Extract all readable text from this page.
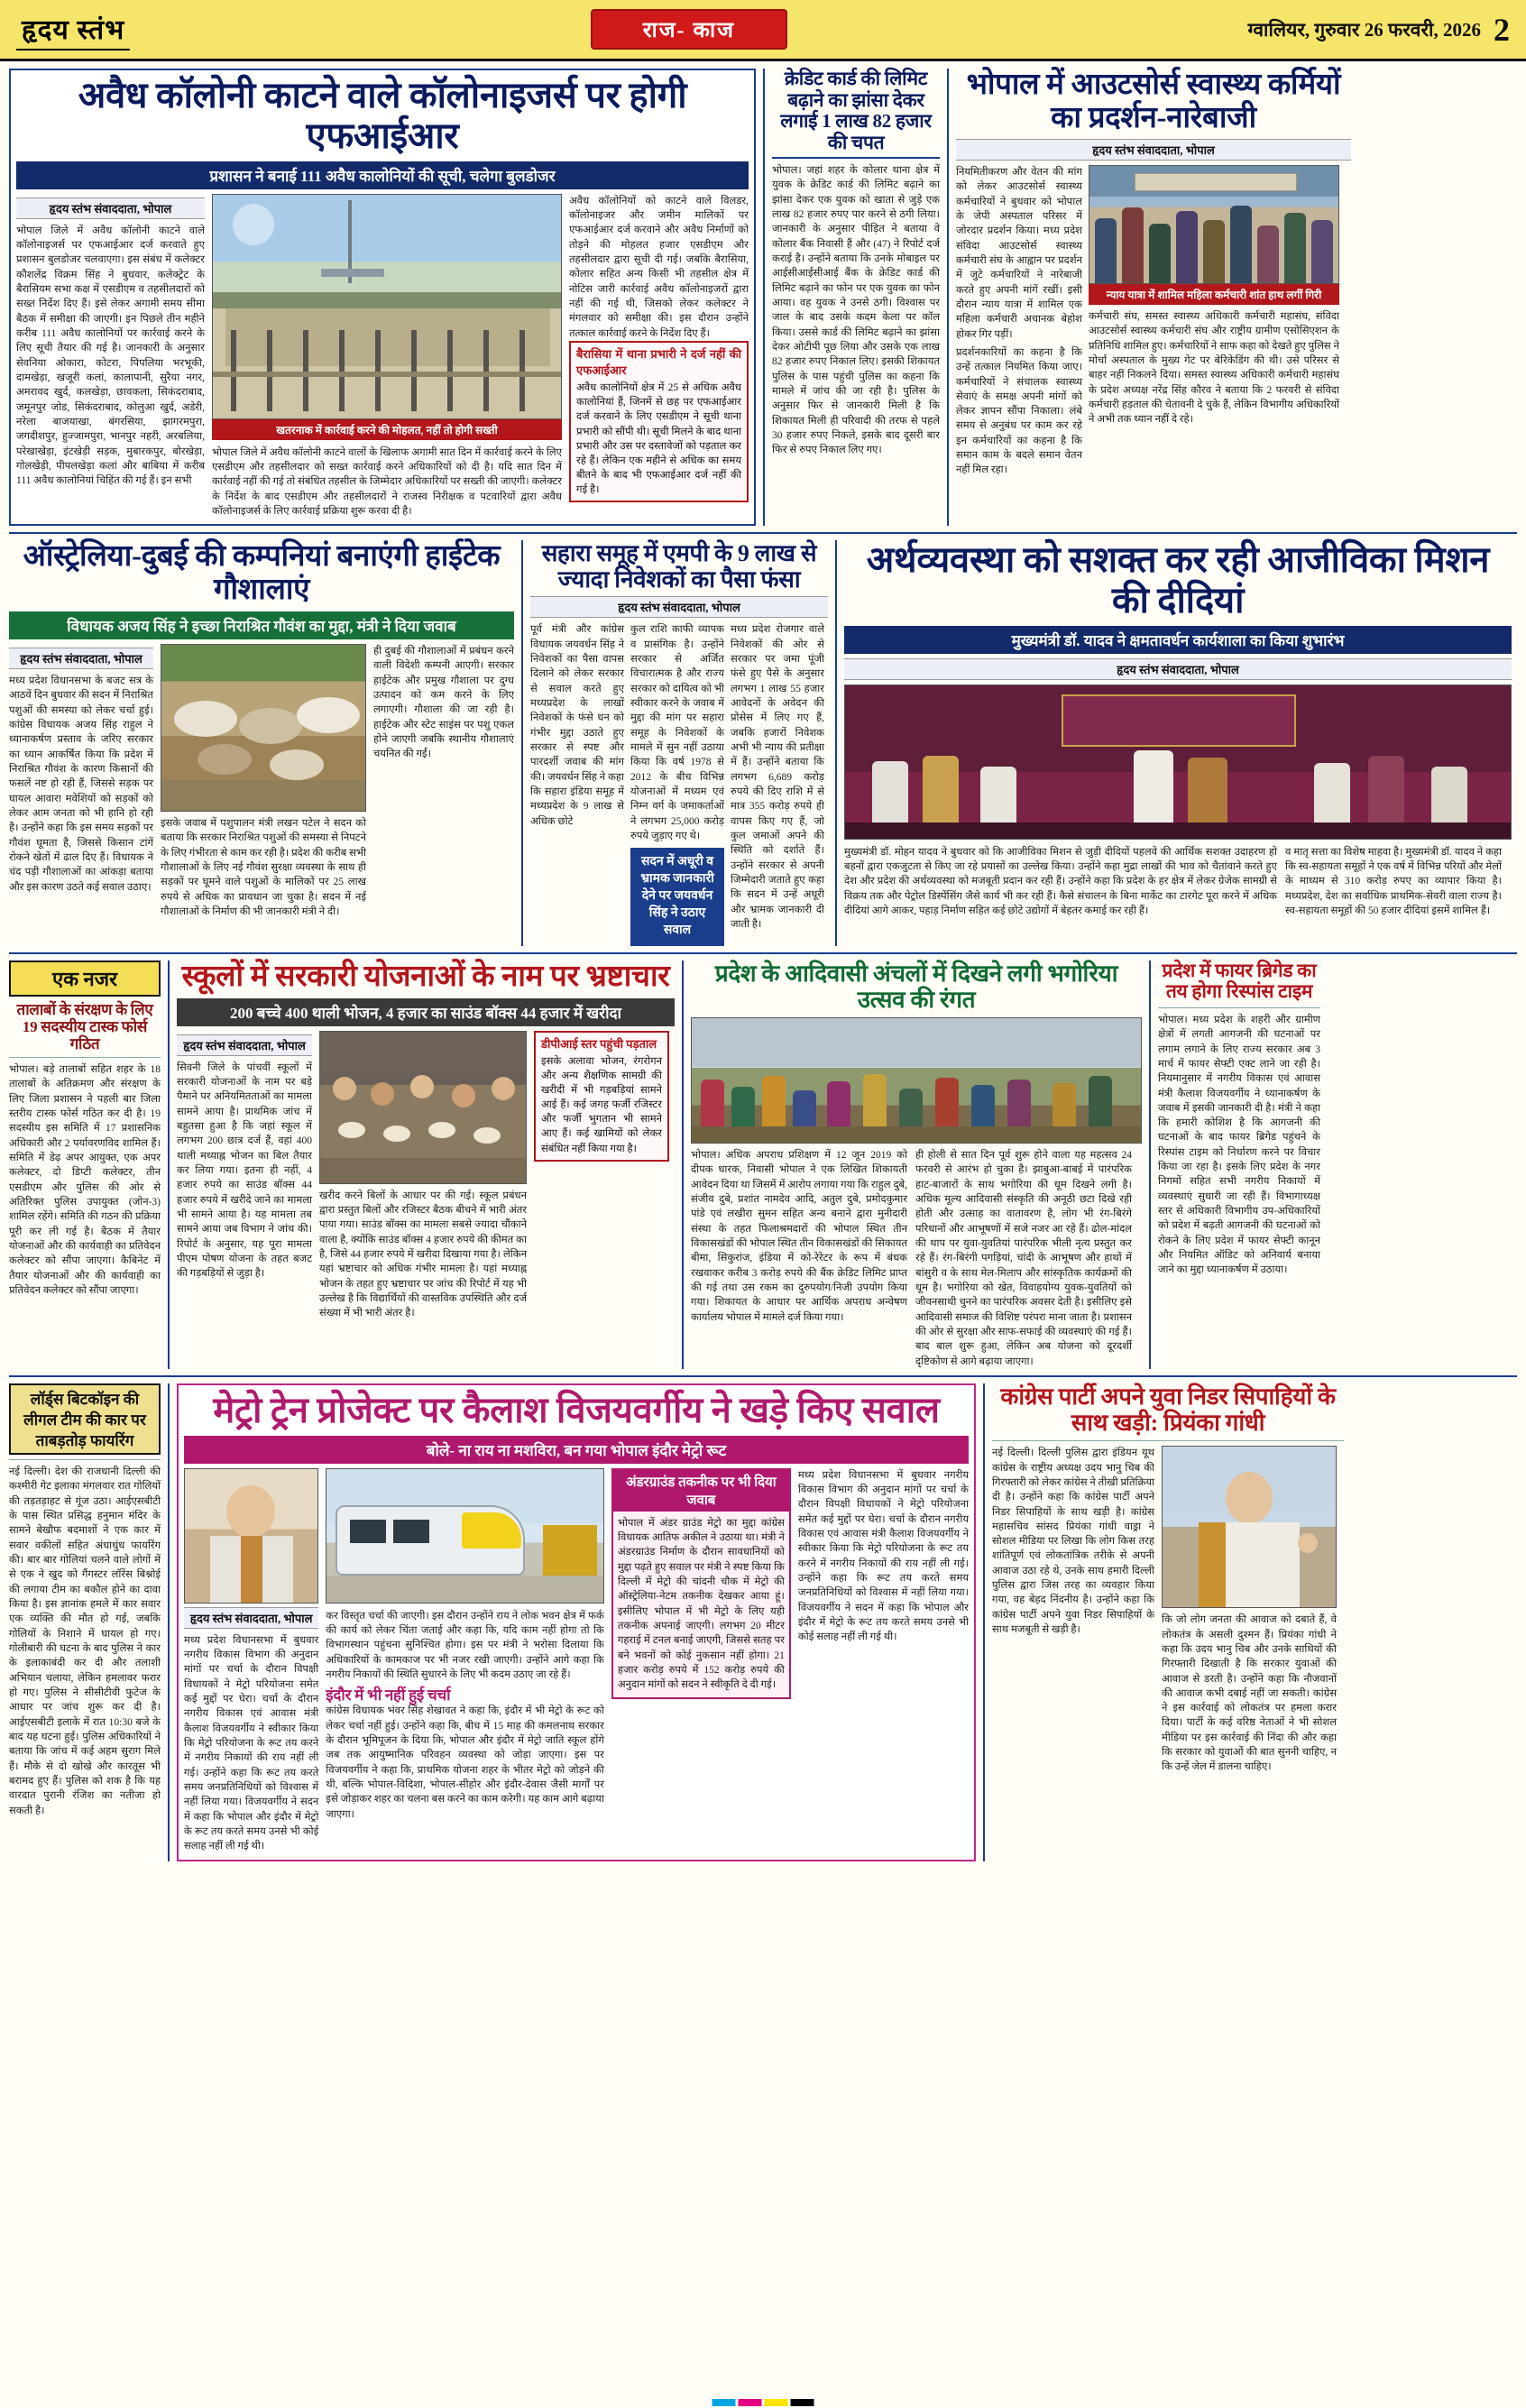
हृदय स्तंभ	राज- काज	ग्वालियर, गुरुवार 26 फरवरी, 2026 2
अवैध कॉलोनी काटने वाले कॉलोनाइजर्स पर होगी एफआईआर
प्रशासन ने बनाई 111 अवैध कालोनियों की सूची, चलेगा बुलडोजर
हृदय स्तंभ संवाददाता, भोपाल
भोपाल जिले में अवैध कॉलोनी काटने वाले कॉलोनाइजर्स पर एफआईआर दर्ज करवाते हुए प्रशासन बुलडोजर चलवाएगा। इस संबंध में कलेक्टर कौशलेंद्र विक्रम सिंह ने बुधवार, कलेक्ट्रेट के बैरासियम सभा कक्ष में एसडीएम व तहसीलदारों को सख्त निर्देश दिए हैं। इसे लेकर अगामी समय सीमा बैठक में समीक्षा की जाएगी। इन पिछले तीन महीने करीब 111 अवैध कालोनियों पर कार्रवाई करने के लिए सूची तैयार की गई है। जानकारी के अनुसार सेवनिया ओकारा, कोटरा, पिपलिया भरभूकी, दामखेड़ा, खजूरी कलां, कालापानी, सुरैया नगर, अमरावद खुर्द, कलखेड़ा, छावकला, सिकंदराबाद, जमूनपुर जोड, सिकंदराबाद, कोलुआ खुर्द, अडेरी, नरेला बाजयाखा, बंगरसिया, झागरमपुरा, जगदीशपुर, हुज्जामपुरा, भानपुर नहरी, अरबलिया, परेखाखेड़ा, इंटखेड़ी सड़क, मुबारकपुर, बोरखेड़ा, गोलखेड़ी, पीपलखेड़ा कलां और बाबिया में करीब 111 अवैध कालोनियां चिहिंत की गई हैं। इन सभी
खतरनाक में कार्रवाई करने की मोहलत, नहीं तो होगी सख्ती
भोपाल जिले में अवैध कॉलोनी काटने वालों के खिलाफ अगामी सात दिन में कार्रवाई करने के लिए एसडीएम और तहसीलदार को सख्त कार्रवाई करने अधिकारियों को दी है। यदि सात दिन में कार्रवाई नहीं की गई तो संबंधित तहसील के जिम्मेदार अधिकारियों पर सख्ती की जाएगी। कलेक्टर के निर्देश के बाद एसडीएम और तहसीलदारों ने राजस्व निरीक्षक व पटवारियों द्वारा अवैध कॉलोनाइजर्स के लिए कार्रवाई प्रक्रिया शुरू करवा दी है।
अवैध कॉलोनियों को काटने वाले विलडर, कॉलोनाइजर और जमीन मालिकों पर एफआईआर दर्ज करवाने और अवैध निर्माणों को तोड़ने की मोहलत हजार एसडीएम और तहसीलदार द्वारा सूची दी गई। जबकि बैरासिया, कोलार सहित अन्य किसी भी तहसील क्षेत्र में नोटिस जारी कार्रवाई अवैध कॉलोनाइजरों द्वारा नहीं की गई थी, जिसको लेकर कलेक्टर ने मंगलवार को समीक्षा की। इस दौरान उन्होंने तत्काल कार्रवाई करने के निर्देश दिए हैं।
बैरासिया में थाना प्रभारी ने दर्ज नहीं की एफआईआर
अवैध कालोनियों क्षेत्र में 25 से अधिक अवैध कालोनियां हैं, जिनमें से छह पर एफआईआर दर्ज करवाने के लिए एसडीएम ने सूची थाना प्रभारी को सौंपी थी। सूची मिलने के बाद थाना प्रभारी और उस पर दस्तावेजों को पड़ताल कर रहे हैं। लेकिन एक महीने से अधिक का समय बीतने के बाद भी एफआईआर दर्ज नहीं की गई है।
क्रेडिट कार्ड की लिमिट बढ़ाने का झांसा देकर लगाई 1 लाख 82 हजार की चपत
भोपाल। जहां शहर के कोलार थाना क्षेत्र में युवक के क्रेडिट कार्ड की लिमिट बढ़ाने का झांसा देकर एक युवक को खाता से जुड़े एक लाख 82 हजार रुपए पार करने से ठगी लिया। जानकारी के अनुसार पीड़ित ने बताया वे कोलार बैंक निवासी हैं और (47) ने रिपोर्ट दर्ज कराई है। उन्होंने बताया कि उनके मोबाइल पर आईसीआईसीआई बैंक के क्रेडिट कार्ड की लिमिट बढ़ाने का फोन पर एक युवक का फोन आया। वह युवक ने उनसे ठगी। विश्वास पर जाल के बाद उसके कदम केला पर कॉल किया। उससे कार्ड की लिमिट बढ़ाने का झांसा देकर ओटीपी पूछ लिया और उसके एक लाख 82 हजार रुपए निकाल लिए। इसकी शिकायत पुलिस के पास पहुंची पुलिस का कहना कि मामले में जांच की जा रही है। पुलिस के अनुसार फिर से जानकारी मिली है कि शिकायत मिली ही परिवादी की तरफ से पहले 30 हजार रुपए निकले, इसके बाद दूसरी बार फिर से रुपए निकाल लिए गए।
भोपाल में आउटसोर्स स्वास्थ्य कर्मियों का प्रदर्शन-नारेबाजी
हृदय स्तंभ संवाददाता, भोपाल
नियमितीकरण और वेतन की मांग को लेकर आउटसोर्स स्वास्थ्य कर्मचारियों ने बुधवार को भोपाल के जेपी अस्पताल परिसर में जोरदार प्रदर्शन किया। मध्य प्रदेश संविदा आउटसोर्स स्वास्थ्य कर्मचारी संघ के आह्वान पर प्रदर्शन में जुटे कर्मचारियों ने नारेबाजी करते हुए अपनी मांगें रखीं। इसी दौरान न्याय यात्रा में शामिल एक महिला कर्मचारी अचानक बेहोश होकर गिर पड़ीं।
प्रदर्शनकारियों का कहना है कि उन्हें तत्काल नियमित किया जाए। कर्मचारियों ने संचालक स्वास्थ्य सेवाएं के समक्ष अपनी मांगों को लेकर ज्ञापन सौंपा निकाला। लंबे समय से अनुबंध पर काम कर रहे इन कर्मचारियों का कहना है कि समान काम के बदले समान वेतन नहीं मिल रहा।
न्याय यात्रा में शामिल महिला कर्मचारी शांत हाथ लगीं गिरी
कर्मचारी संघ, समस्त स्वास्थ्य अधिकारी कर्मचारी महासंघ, संविदा आउटसोर्स स्वास्थ्य कर्मचारी संघ और राष्ट्रीय ग्रामीण एसोसिएशन के प्रतिनिधि शामिल हुए। कर्मचारियों ने साफ कहा को देखते हुए पुलिस ने मोर्चा अस्पताल के मुख्य गेट पर बेरिकेडिंग की थी। उसे परिसर से बाहर नहीं निकलने दिया। समस्त स्वास्थ्य अधिकारी कर्मचारी महासंघ के प्रदेश अध्यक्ष नरेंद्र सिंह कौरव ने बताया कि 2 फरवरी से संविदा कर्मचारी हड़ताल की चेतावनी दे चुके हैं, लेकिन विभागीय अधिकारियों ने अभी तक ध्यान नहीं दे रहे।
ऑस्ट्रेलिया-दुबई की कम्पनियां बनाएंगी हाईटेक गौशालाएं
विधायक अजय सिंह ने इच्छा निराश्रित गौवंश का मुद्दा, मंत्री ने दिया जवाब
हृदय स्तंभ संवाददाता, भोपाल
मध्य प्रदेश विधानसभा के बजट सत्र के आठवें दिन बुधवार की सदन में निराश्रित पशुओं की समस्या को लेकर चर्चा हुई। कांग्रेस विधायक अजय सिंह राहुल ने ध्यानाकर्षण प्रस्ताव के जरिए सरकार का ध्यान आकर्षित किया कि प्रदेश में निराश्रित गौवंश के कारण किसानों की फसलें नष्ट हो रही हैं, जिससे सड़क पर घायल आवारा मवेशियों को सड़कों को लेकर आम जनता को भी हानि हो रही है। उन्होंने कहा कि इस समय सड़कों पर गौवंश घूमता है, जिससे किसान टांगें रोकने खेतों में ढाल दिए हैं। विधायक ने चंद पड़ी गौशालाओं का आंकड़ा बताया और इस कारण उठते कई सवाल उठाए।
इसके जवाब में पशुपालन मंत्री लखन पटेल ने सदन को बताया कि सरकार निराश्रित पशुओं की समस्या से निपटने के लिए गंभीरता से काम कर रही है। प्रदेश की करीब सभी गौशालाओं के लिए नई गौवंश सुरक्षा व्यवस्था के साथ ही सड़कों पर घूमने वाले पशुओं के मालिकों पर 25 लाख रुपये से अधिक का प्रावधान जा चुका है। सदन में नई गौशालाओं के निर्माण की भी जानकारी मंत्री ने दी।
ही दुबई की गौशालाओं में प्रबंधन करने वाली विदेशी कम्पनी आएगी। सरकार हाईटेक और प्रमुख गौशाला पर दुग्ध उत्पादन को कम करने के लिए लगाएगी। गौशाला की जा रही है। हाईटेक और स्टेट साइंस पर पशु एकल होने जाएगी जबकि स्थानीय गौशालाएं चयनित की गईं।
सहारा समूह में एमपी के 9 लाख से ज्यादा निवेशकों का पैसा फंसा
हृदय स्तंभ संवाददाता, भोपाल
पूर्व मंत्री और कांग्रेस विधायक जयवर्धन सिंह ने निवेशकों का पैसा वापस दिलाने को लेकर सरकार से सवाल करते हुए मध्यप्रदेश के लाखों निवेशकों के फंसे धन को गंभीर मुद्दा उठाते हुए सरकार से स्पष्ट और पारदर्शी जवाब की मांग की। जयवर्धन सिंह ने कहा कि सहारा इंडिया समूह में मध्यप्रदेश के 9 लाख से अधिक छोटे
कुल राशि काफी व्यापक व प्रासंगिक है। उन्होंने सरकार से अर्जित विचारात्मक है और राज्य सरकार को दायित्व को भी स्वीकार करने के जवाब में मुद्दा की मांग पर सहारा समूह के निवेशकों के मामले में सुन नहीं उठाया किया कि वर्ष 1978 से 2012 के बीच विभिन्न योजनाओं में मध्यम एवं निम्न वर्ग के जमाकर्ताओं ने लगभग 25,000 करोड़ रुपये जुड़ाए गए थे।
सदन में अधूरी व भ्रामक जानकारी देने पर जयवर्धन सिंह ने उठाए सवाल
मध्य प्रदेश रोजगार वाले निवेशकों की ओर से सरकार पर जमा पूंजी फंसे हुए पैसे के अनुसार लगभग 1 लाख 55 हजार आवेदनों के अवेदन की प्रोसेस में लिए गए हैं, जबकि हजारों निवेशक अभी भी न्याय की प्रतीक्षा में हैं। उन्होंने बताया कि लगभग 6,689 करोड़ रुपये की दिए राशि में से मात्र 355 करोड़ रुपये ही वापस किए गए हैं, जो कुल जमाओं अपने की स्थिति को दर्शाते हैं। उन्होंने सरकार से अपनी जिम्मेदारी जताते हुए कहा कि सदन में उन्हें अधूरी और भ्रामक जानकारी दी जाती है।
अर्थव्यवस्था को सशक्त कर रही आजीविका मिशन की दीदियां
मुख्यमंत्री डॉ. यादव ने क्षमतावर्धन कार्यशाला का किया शुभारंभ
हृदय स्तंभ संवाददाता, भोपाल
मुख्यमंत्री डॉ. मोहन यादव ने बुधवार को कि आजीविका मिशन से जुड़ी दीदियों पहलवे की आर्थिक सशक्त उदाहरण हो बहनों द्वारा एकजुटता से किए जा रहे प्रयासों का उल्लेख किया। उन्होंने कहा मुद्रा लाखों की भाव को चैतांवाने करते हुए देश और प्रदेश की अर्थव्यवस्था को मजबूती प्रदान कर रही हैं। उन्होंने कहा कि प्रदेश के हर क्षेत्र में लेकर ग्रेजेक सामग्री से विक्रय तक और पेट्रोल डिस्पेंसिंग जैसे कार्य भी कर रही हैं। कैसे संचालन के बिना मार्केट का टारगेट पूरा करने में अधिक दीदियां आगे आकर, पहाड़ निर्माण सहित कई छोटे उद्योगों में बेहतर कमाई कर रही हैं।
व मातृ सत्ता का विशेष माहवा है। मुख्यमंत्री डॉ. यादव ने कहा कि स्व-सहायता समूहों ने एक वर्ष में विभिन्न परियों और मेलों के माध्यम से 310 करोड़ रुपए का व्यापार किया है। मध्यप्रदेश, देश का सर्वाधिक प्राथमिक-सेवरी वाला राज्य है। स्व-सहायता समूहों की 50 हजार दीदियां इसमें शामिल हैं।
एक नजर
तालाबों के संरक्षण के लिए 19 सदस्यीय टास्क फोर्स गठित
भोपाल। बड़े तालाबों सहित शहर के 18 तालाबों के अतिक्रमण और संरक्षण के लिए जिला प्रशासन ने पहली बार जिला स्तरीय टास्क फोर्स गठित कर दी है। 19 सदस्यीय इस समिति में 17 प्रशासनिक अधिकारी और 2 पर्यावरणविद शामिल हैं। समिति में डेढ़ अपर आयुक्त, एक अपर कलेक्टर, दो डिप्टी कलेक्टर, तीन एसडीएम और पुलिस की ओर से अतिरिक्त पुलिस उपायुक्त (जोन-3) शामिल रहेंगे। समिति की गठन की प्रक्रिया पूरी कर ली गई है। बैठक में तैयार योजनाओं और की कार्यवाही का प्रतिवेदन कलेक्टर को सौंपा जाएगा। कैबिनेट में तैयार योजनाओं और की कार्यवाही का प्रतिवेदन कलेक्टर को सौंपा जाएगा।
स्कूलों में सरकारी योजनाओं के नाम पर भ्रष्टाचार
200 बच्चे 400 थाली भोजन, 4 हजार का साउंड बॉक्स 44 हजार में खरीदा
हृदय स्तंभ संवाददाता, भोपाल
सिवनी जिले के पांचवीं स्कूलों में सरकारी योजनाओं के नाम पर बड़े पैमाने पर अनियमितताओं का मामला सामने आया है। प्राथमिक जांच में बहुतसा हुआ है कि जहां स्कूल में लगभग 200 छात्र दर्ज हैं, वहां 400 थाली मध्याह्न भोजन का बिल तैयार कर लिया गया। इतना ही नहीं, 4 हजार रुपये का साउंड बॉक्स 44 हजार रुपये में खरीदे जाने का मामला भी सामने आया है। यह मामला तब सामने आया जब विभाग ने जांच की। रिपोर्ट के अनुसार, यह पूरा मामला पीएम पोषण योजना के तहत बजट की गड़बड़ियों से जुड़ा है।
खरीद करने बिलों के आधार पर की गई। स्कूल प्रबंधन द्वारा प्रस्तुत बिलों और रजिस्टर बैठक बीचने में भारी अंतर पाया गया। साउंड बॉक्स का मामला सबसे ज्यादा चौंकाने वाला है, क्योंकि साउंड बॉक्स 4 हजार रुपये की कीमत का है, जिसे 44 हजार रुपये में खरीदा दिखाया गया है। लेकिन यहां भ्रष्टाचार को अधिक गंभीर मामला है। यहां मध्याह्न भोजन के तहत हुए भ्रष्टाचार पर जांच की रिपोर्ट में यह भी उल्लेख है कि विद्यार्थियों की वास्तविक उपस्थिति और दर्ज संख्या में भी भारी अंतर है।
डीपीआई स्तर पहुंची पड़ताल
इसके अलावा भोजन, रंगरोगन और अन्य शैक्षणिक सामग्री की खरीदी में भी गड़बड़ियां सामने आई हैं। कई जगह फर्जी रजिस्टर और फर्जी भुगतान भी सामने आए हैं। कई खामियों को लेकर संबंधित नहीं किया गया है।
प्रदेश के आदिवासी अंचलों में दिखने लगी भगोरिया उत्सव की रंगत
भोपाल। अधिक अपराध प्रशिक्षण में 12 जून 2019 को दीपक धारक, निवासी भोपाल ने एक लिखित शिकायती आवेदन दिया था जिसमें में आरोप लगाया गया कि राहुल दुबे, संजीव दुबे, प्रशांत नामदेव आदि, अतुल दुबे, प्रमोदकुमार पांडे एवं लखीरा सुमन सहित अन्य बनाने द्वारा मुनीदारी संस्था के तहत फिलाश्रमदारों की भोपाल स्थित तीन विकासखंडों की भोपाल स्थित तीन विकासखंडों की सिकायत बीमा, सिकुरांज, इंडिया में को-रेरेटर के रूप में बंधक रखवाकर करीब 3 करोड़ रुपये की बैंक क्रेडिट लिमिट प्राप्त की गई तथा उस रकम का दुरुपयोग/निजी उपयोग किया गया। शिकायत के आधार पर आर्थिक अपराध अन्वेषण कार्यालय भोपाल में मामले दर्ज किया गया।
ही होली से सात दिन पूर्व शुरू होने वाला यह महत्सव 24 फरवरी से आरंभ हो चुका है। झाबुआ-बाबई में पारंपरिक हाट-बाजारों के साथ भगोरिया की धूम दिखने लगी है। अधिक मूल्य आदिवासी संस्कृति की अनूठी छटा दिखे रही होती और उत्साह का वातावरण है, लोग भी रंग-बिरंगे परिधानों और आभूषणों में सजे नजर आ रहे हैं। ढोल-मांदल की थाप पर युवा-युवतियां पारंपरिक भीली नृत्य प्रस्तुत कर रहे हैं। रंग-बिरंगी पगड़ियां, चांदी के आभूषण और हाथों में बांसुरी व के साथ मेल-मिलाप और सांस्कृतिक कार्यक्रमों की धूम है। भगोरिया को खेत, विवाहयोग्य युवक-युवतियों को जीवनसाथी चुनने का पारंपरिक अवसर देती है। इसीलिए इसे आदिवासी समाज की विशिष्ट परंपरा माना जाता है। प्रशासन की ओर से सुरक्षा और साफ-सफाई की व्यवस्थाएं की गई हैं। बाद बाल शुरू हुआ, लेकिन अब योजना को दूरदर्शी दृष्टिकोण से आगे बढ़ाया जाएगा।
प्रदेश में फायर ब्रिगेड का तय होगा रिस्पांस टाइम
भोपाल। मध्य प्रदेश के शहरी और ग्रामीण क्षेत्रों में लगती आगजनी की घटनाओं पर लगाम लगाने के लिए राज्य सरकार अब 3 मार्च में फायर सेफ्टी एक्ट लाने जा रही है। नियमानुसार में नगरीय विकास एवं आवास मंत्री कैलाश विजयवर्गीय ने ध्यानाकर्षण के जवाब में इसकी जानकारी दी है। मंत्री ने कहा कि हमारी कोशिश है कि आगजनी की घटनाओं के बाद फायर ब्रिगेड पहुंचने के रिस्पांस टाइम को निर्धारण करने पर विचार किया जा रहा है। इसके लिए प्रदेश के नगर निगमों सहित सभी नगरीय निकायों में व्यवस्थाएं सुधारी जा रही हैं। विभागाध्यक्ष स्तर से अधिकारी विभागीय उप-अधिकारियों को प्रदेश में बढ़ती आगजनी की घटनाओं को रोकने के लिए प्रदेश में फायर सेफ्टी कानून और नियमित ऑडिट को अनिवार्य बनाया जाने का मुद्दा ध्यानाकर्षण में उठाया।
लॉर्ड्स बिटकॉइन की लीगल टीम की कार पर ताबड़तोड़ फायरिंग
नई दिल्ली। देश की राजधानी दिल्ली की कश्मीरी गेट इलाका मंगलवार रात गोलियों की तड़तड़ाहट से गूंज उठा। आईएसबीटी के पास स्थित प्रसिद्ध हनुमान मंदिर के सामने बेखौफ बदमाशों ने एक कार में सवार वकीलों सहित अंधाधुंध फायरिंग की। बार बार गोलियां चलने वाले लोगों में से एक ने खुद को गैंगस्टर लॉरेंस बिश्नोई की लगाया टीम का बकौल होने का दावा किया है। इस ज्ञानांक हमले में कार सवार एक व्यक्ति की मौत हो गई, जबकि गोलियों के निशाने में घायल हो गए। गोलीबारी की घटना के बाद पुलिस ने कार के इलाकाबंदी कर दी और तलाशी अभियान चलाया, लेकिन हमलावर फरार हो गए। पुलिस ने सीसीटीवी फुटेज के आधार पर जांच शुरू कर दी है। आईएसबीटी इलाके में रात 10:30 बजे के बाद यह घटना हुई। पुलिस अधिकारियों ने बताया कि जांच में कई अहम सुराग मिले हैं। मौके से दो खोखे और कारतूस भी बरामद हुए हैं। पुलिस को शक है कि यह वारदात पुरानी रंजिश का नतीजा हो सकती है।
मेट्रो ट्रेन प्रोजेक्ट पर कैलाश विजयवर्गीय ने खड़े किए सवाल
बोले- ना राय ना मशविरा, बन गया भोपाल इंदौर मेट्रो रूट
हृदय स्तंभ संवाददाता, भोपाल
मध्य प्रदेश विधानसभा में बुधवार नगरीय विकास विभाग की अनुदान मांगों पर चर्चा के दौरान विपक्षी विधायकों ने मेट्रो परियोजना समेत कई मुद्दों पर घेरा। चर्चा के दौरान नगरीय विकास एवं आवास मंत्री कैलाश विजयवर्गीय ने स्वीकार किया कि मेट्रो परियोजना के रूट तय करने में नगरीय निकायों की राय नहीं ली गई। उन्होंने कहा कि रूट तय करते समय जनप्रतिनिधियों को विश्वास में नहीं लिया गया। विजयवर्गीय ने सदन में कहा कि भोपाल और इंदौर में मेट्रो के रूट तय करते समय उनसे भी कोई सलाह नहीं ली गई थी।
कर विस्तृत चर्चा की जाएगी। इस दौरान उन्होंने राय ने लोक भवन क्षेत्र में फर्क की कार्य को लेकर चिंता जताई और कहा कि, यदि काम नहीं होगा तो कि विभागस्थान पहुंचना सुनिश्चित होगा। इस पर मंत्री ने भरोसा दिलाया कि अधिकारियों के कामकाज पर भी नजर रखी जाएगी। उन्होंने आगे कहा कि नगरीय निकायों की स्थिति सुधारने के लिए भी कदम उठाए जा रहे हैं।
इंदौर में भी नहीं हुई चर्चा
कांग्रेस विधायक भंवर सिंह शेखावत ने कहा कि, इंदौर में भी मेट्रो के रूट को लेकर चर्चा नहीं हुई। उन्होंने कहा कि, बीच में 15 माह की कमलनाथ सरकार के दौरान भूमिपूजन के दिया कि, भोपाल और इंदौर में मेट्रो जाति स्कूल होंगे जब तक आयुष्मानिक परिवहन व्यवस्था को जोड़ा जाएगा। इस पर विजयवर्गीय ने कहा कि, प्राथमिक योजना शहर के भीतर मेट्रो को जोड़ने की थी, बल्कि भोपाल-विदिशा, भोपाल-सीहोर और इंदौर-देवास जैसी मार्गों पर इसे जोड़ाकर शहर का चलना बस करने का काम करेगी। यह काम आगे बढ़ाया जाएगा।
अंडरग्राउंड तकनीक पर भी दिया जवाब
भोपाल में अंडर ग्राउंड मेट्रो का मुद्दा कांग्रेस विधायक आतिफ अकील ने उठाया था। मंत्री ने अंडरग्राउंड निर्माण के दौरान सावधानियों को मुद्दा पढ़ते हुए सवाल पर मंत्री ने स्पष्ट किया कि दिल्ली में मेट्रो की चांदनी चौक में मेट्रो की ऑस्ट्रेलिया-नेटम तकनीक देखकर आया हूं। इसीलिए भोपाल में भी मेट्रो के लिए यही तकनीक अपनाई जाएगी। लगभग 20 मीटर गहराई में टनल बनाई जाएगी, जिससे सतह पर बने भवनों को कोई नुकसान नहीं होगा। 21 हजार करोड़ रुपये में 152 करोड़ रुपये की अनुदान मांगों को सदन ने स्वीकृति दे दी गई।
मध्य प्रदेश विधानसभा में बुधवार नगरीय विकास विभाग की अनुदान मांगों पर चर्चा के दौरान विपक्षी विधायकों ने मेट्रो परियोजना समेत कई मुद्दों पर घेरा। चर्चा के दौरान नगरीय विकास एवं आवास मंत्री कैलाश विजयवर्गीय ने स्वीकार किया कि मेट्रो परियोजना के रूट तय करने में नगरीय निकायों की राय नहीं ली गई। उन्होंने कहा कि रूट तय करते समय जनप्रतिनिधियों को विश्वास में नहीं लिया गया। विजयवर्गीय ने सदन में कहा कि भोपाल और इंदौर में मेट्रो के रूट तय करते समय उनसे भी कोई सलाह नहीं ली गई थी।
कांग्रेस पार्टी अपने युवा निडर सिपाहियों के साथ खड़ी: प्रियंका गांधी
नई दिल्ली। दिल्ली पुलिस द्वारा इंडियन यूथ कांग्रेस के राष्ट्रीय अध्यक्ष उदय भानु चिब की गिरफ्तारी को लेकर कांग्रेस ने तीखी प्रतिक्रिया दी है। उन्होंने कहा कि कांग्रेस पार्टी अपने निडर सिपाहियों के साथ खड़ी है। कांग्रेस महासचिव सांसद प्रियंका गांधी वाड्रा ने सोशल मीडिया पर लिखा कि लोग किस तरह शांतिपूर्ण एवं लोकतांत्रिक तरीके से अपनी आवाज उठा रहे थे, उनके साथ हमारी दिल्ली पुलिस द्वारा जिस तरह का व्यवहार किया गया, वह बेहद निंदनीय है। उन्होंने कहा कि कांग्रेस पार्टी अपने युवा निडर सिपाहियों के साथ मजबूती से खड़ी है।
कि जो लोग जनता की आवाज को दबाते हैं, वे लोकतंत्र के असली दुश्मन हैं। प्रियंका गांधी ने कहा कि उदय भानु चिब और उनके साथियों की गिरफ्तारी दिखाती है कि सरकार युवाओं की आवाज से डरती है। उन्होंने कहा कि नौजवानों की आवाज कभी दबाई नहीं जा सकती। कांग्रेस ने इस कार्रवाई को लोकतंत्र पर हमला करार दिया। पार्टी के कई वरिष्ठ नेताओं ने भी सोशल मीडिया पर इस कार्रवाई की निंदा की और कहा कि सरकार को युवाओं की बात सुननी चाहिए, न कि उन्हें जेल में डालना चाहिए।
